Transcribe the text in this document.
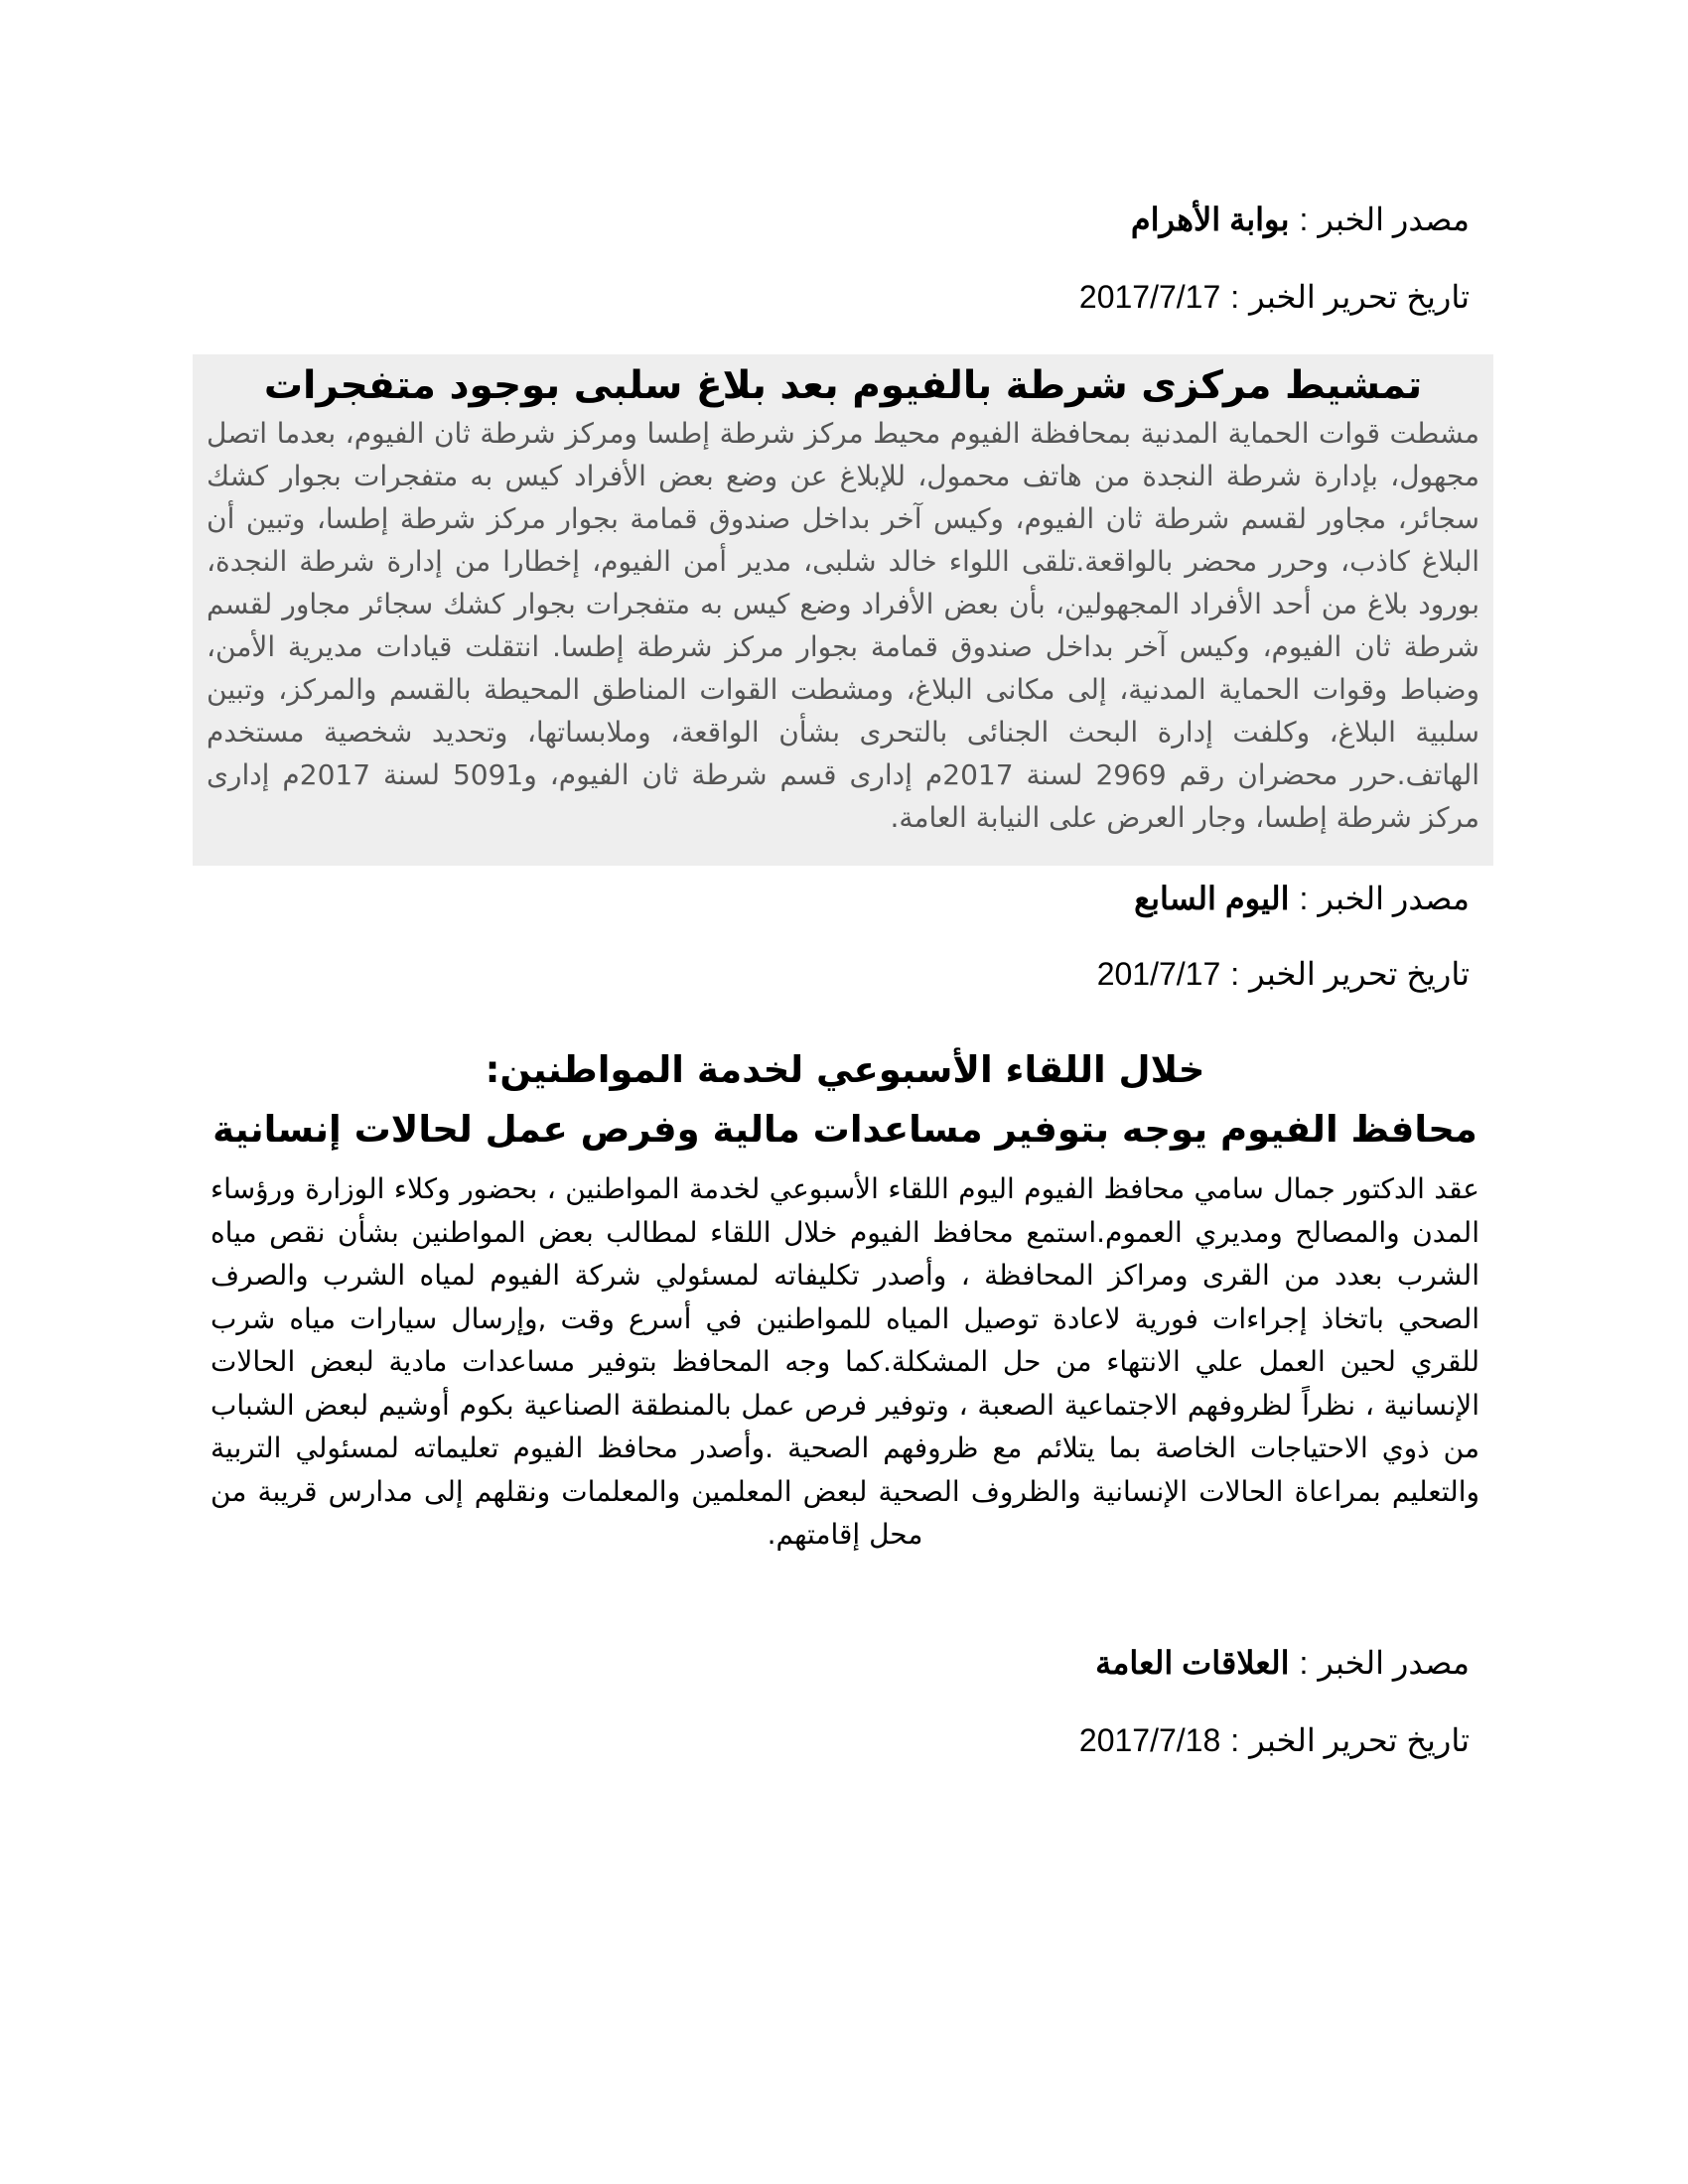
مصدر الخبر:بوابة الأهرام
تاريخ تحرير الخبر:2017/7/17
تمشيط مركزى شرطة بالفيوم بعد بلاغ سلبى بوجود متفجرات

مشطت قوات الحماية المدنية بمحافظة الفيوم محيط مركز شرطة إطسا ومركز شرطة ثان الفيوم، بعدما اتصل مجهول، بإدارة شرطة النجدة من هاتف محمول، للإبلاغ عن وضع بعض الأفراد كيس به متفجرات بجوار كشك سجائر، مجاور لقسم شرطة ثان الفيوم، وكيس آخر بداخل صندوق قمامة بجوار مركز شرطة إطسا، وتبين أن البلاغ كاذب، وحرر محضر بالواقعة.تلقى اللواء خالد شلبى، مدير أمن الفيوم، إخطارا من إدارة شرطة النجدة، بورود بلاغ من أحد الأفراد المجهولين، بأن بعض الأفراد وضع كيس به متفجرات بجوار كشك سجائر مجاور لقسم شرطة ثان الفيوم، وكيس آخر بداخل صندوق قمامة بجوار مركز شرطة إطسا. انتقلت قيادات مديرية الأمن، وضباط وقوات الحماية المدنية، إلى مكانى البلاغ، ومشطت القوات المناطق المحيطة بالقسم والمركز، وتبين سلبية البلاغ، وكلفت إدارة البحث الجنائى بالتحرى بشأن الواقعة، وملابساتها، وتحديد شخصية مستخدم الهاتف.حرر محضران رقم 2969 لسنة 2017م إدارى قسم شرطة ثان الفيوم، و5091 لسنة 2017م إدارى مركز شرطة إطسا، وجار العرض على النيابة العامة.

مصدر الخبر:اليوم السابع
تاريخ تحرير الخبر:201/7/17
خلال اللقاء الأسبوعي لخدمة المواطنين:
محافظ الفيوم يوجه بتوفير مساعدات مالية وفرص عمل لحالات إنسانية

عقد الدكتور جمال سامي محافظ الفيوم اليوم اللقاء الأسبوعي لخدمة المواطنين ، بحضور وكلاء الوزارة ورؤساء المدن والمصالح ومديري العموم.استمع محافظ الفيوم خلال اللقاء لمطالب بعض المواطنين بشأن نقص مياه الشرب بعدد من القرى ومراكز المحافظة ، وأصدر تكليفاته لمسئولي شركة الفيوم لمياه الشرب والصرف الصحي باتخاذ إجراءات فورية لاعادة توصيل المياه للمواطنين في أسرع وقت ,وإرسال سيارات مياه شرب للقري لحين العمل علي الانتهاء من حل المشكلة.كما وجه المحافظ بتوفير مساعدات مادية لبعض الحالات الإنسانية ، نظراً لظروفهم الاجتماعية الصعبة ، وتوفير فرص عمل بالمنطقة الصناعية بكوم أوشيم لبعض الشباب من ذوي الاحتياجات الخاصة بما يتلائم مع ظروفهم الصحية .وأصدر محافظ الفيوم تعليماته لمسئولي التربية والتعليم بمراعاة الحالات الإنسانية والظروف الصحية لبعض المعلمين والمعلمات ونقلهم إلى مدارس قريبة من محل إقامتهم.

مصدر الخبر:العلاقات العامة
تاريخ تحرير الخبر:2017/7/18
